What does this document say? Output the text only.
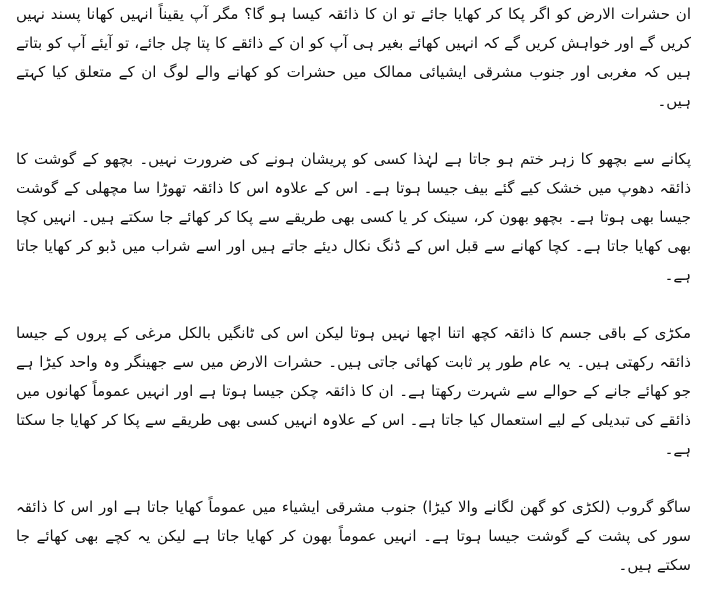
ان حشرات الارض کو اگر پکا کر کھایا جائے تو ان کا ذائقہ کیسا ہو گا؟ مگر آپ یقیناً انہیں کھانا پسند نہیں کریں گے اور خواہش کریں گے کہ انہیں کھائے بغیر ہی آپ کو ان کے ذائقے کا پتا چل جائے، تو آیئے آپ کو بتاتے ہیں کہ مغربی اور جنوب مشرقی ایشیائی ممالک میں حشرات کو کھانے والے لوگ ان کے متعلق کیا کہتے ہیں۔

پکانے سے بچھو کا زہر ختم ہو جاتا ہے لہٰذا کسی کو پریشان ہونے کی ضرورت نہیں۔ بچھو کے گوشت کا ذائقہ دھوپ میں خشک کیے گئے بیف جیسا ہوتا ہے۔ اس کے علاوہ اس کا ذائقہ تھوڑا سا مچھلی کے گوشت جیسا بھی ہوتا ہے۔ بچھو بھون کر، سینک کر یا کسی بھی طریقے سے پکا کر کھائے جا سکتے ہیں۔ انہیں کچا بھی کھایا جاتا ہے۔ کچا کھانے سے قبل اس کے ڈنگ نکال دیئے جاتے ہیں اور اسے شراب میں ڈبو کر کھایا جاتا ہے۔

مکڑی کے باقی جسم کا ذائقہ کچھ اتنا اچھا نہیں ہوتا لیکن اس کی ٹانگیں بالکل مرغی کے پروں کے جیسا ذائقہ رکھتی ہیں۔ یہ عام طور پر ثابت کھائی جاتی ہیں۔ حشرات الارض میں سے جھینگر وہ واحد کیڑا ہے جو کھائے جانے کے حوالے سے شہرت رکھتا ہے۔ ان کا ذائقہ چکن جیسا ہوتا ہے اور انہیں عموماً کھانوں میں ذائقے کی تبدیلی کے لیے استعمال کیا جاتا ہے۔ اس کے علاوہ انہیں کسی بھی طریقے سے پکا کر کھایا جا سکتا ہے۔

ساگو گروب (لکڑی کو گھن لگانے والا کیڑا) جنوب مشرقی ایشیاء میں عموماً کھایا جاتا ہے اور اس کا ذائقہ سور کی پشت کے گوشت جیسا ہوتا ہے۔ انہیں عموماً بھون کر کھایا جاتا ہے لیکن یہ کچے بھی کھائے جا سکتے ہیں۔
